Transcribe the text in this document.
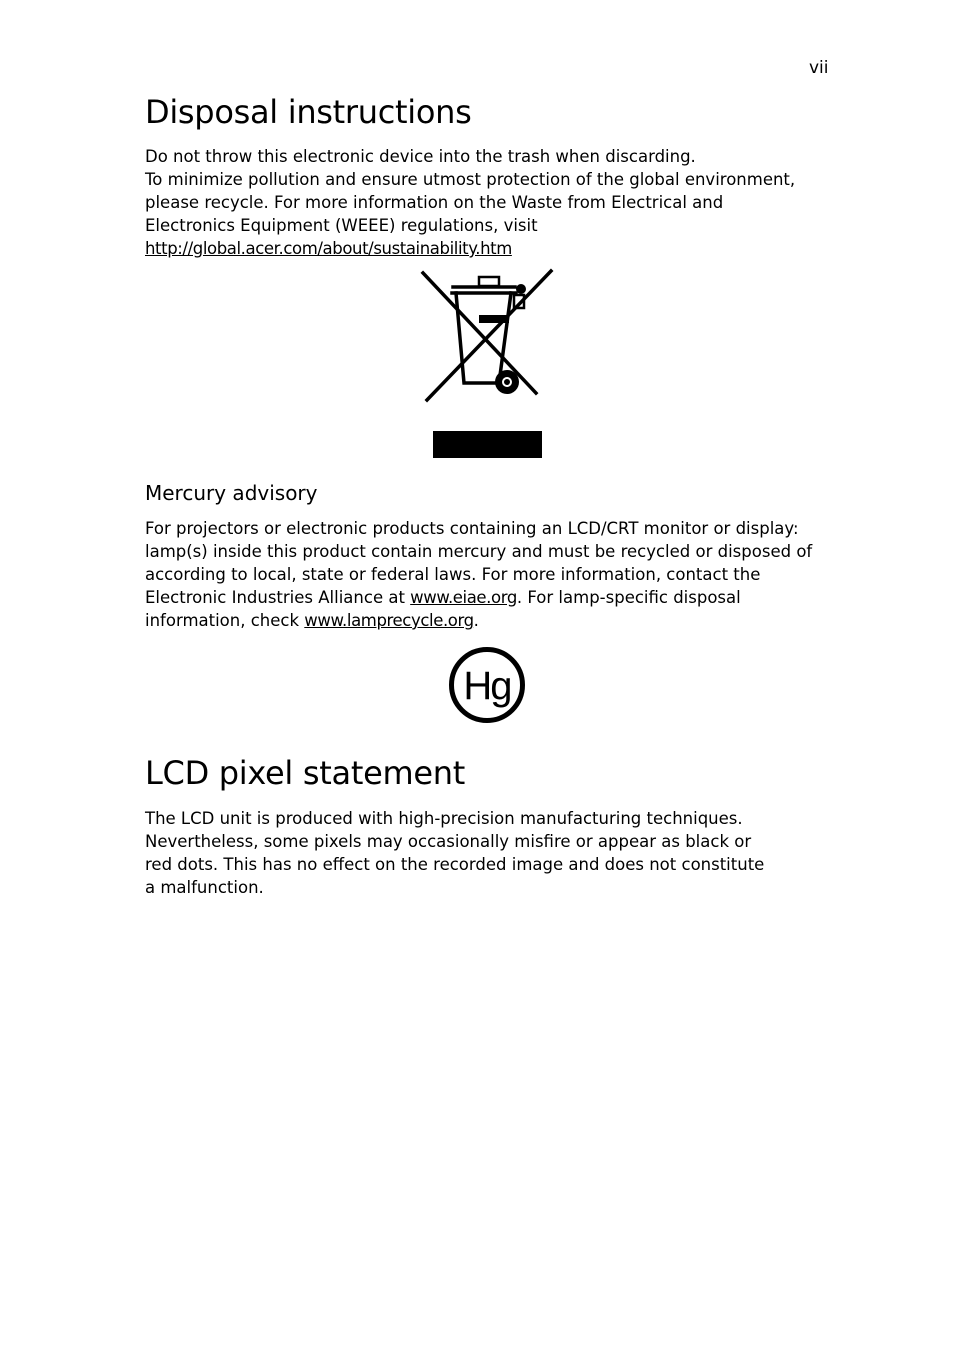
vii
Disposal instructions

Do not throw this electronic device into the trash when discarding.
To minimize pollution and ensure utmost protection of the global environment,
please recycle. For more information on the Waste from Electrical and
Electronics Equipment (WEEE) regulations, visit
http://global.acer.com/about/sustainability.htm

Mercury advisory

For projectors or electronic products containing an LCD/CRT monitor or display:
lamp(s) inside this product contain mercury and must be recycled or disposed of
according to local, state or federal laws. For more information, contact the
Electronic Industries Alliance at www.eiae.org. For lamp-specific disposal
information, check www.lamprecycle.org.

Hg
LCD pixel statement

The LCD unit is produced with high-precision manufacturing techniques.
Nevertheless, some pixels may occasionally misfire or appear as black or
red dots. This has no effect on the recorded image and does not constitute
a malfunction.
